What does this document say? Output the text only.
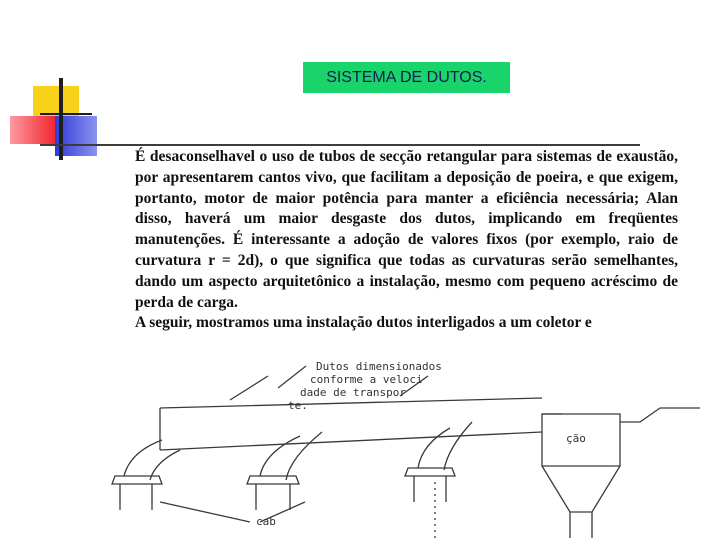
SISTEMA DE DUTOS.

É desaconselhavel o uso de tubos de secção retangular para sistemas de exaustão, por apresentarem cantos vivo, que facilitam a deposição de poeira, e que exigem, portanto, motor de maior potência para manter a eficiência necessária; Alan disso, haverá um maior desgaste dos dutos, implicando em freqüentes manutenções. É interessante a adoção de valores fixos (por exemplo, raio de curvatura r = 2d), o que significa que todas as curvaturas serão semelhantes, dando um aspecto arquitetônico a instalação, mesmo com pequeno acréscimo de perda de carga.

A seguir, mostramos uma instalação dutos interligados a um coletor e

Dutos dimensionados
conforme a veloci
dade de transpor
te.
ção
cab
